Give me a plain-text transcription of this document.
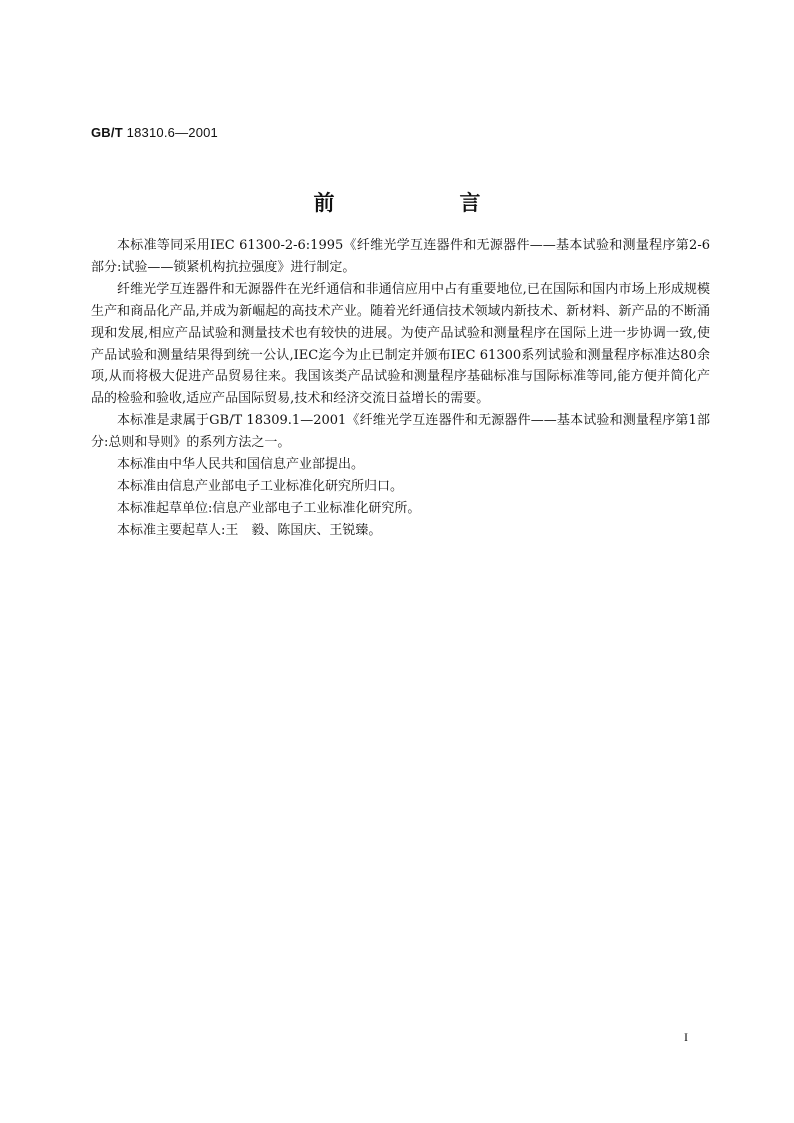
GB/T 18310.6—2001
前　言

本标准等同采用IEC 61300-2-6:1995《纤维光学互连器件和无源器件——基本试验和测量程序第2-6部分:试验——锁紧机构抗拉强度》进行制定。

纤维光学互连器件和无源器件在光纤通信和非通信应用中占有重要地位,已在国际和国内市场上形成规模生产和商品化产品,并成为新崛起的高技术产业。随着光纤通信技术领域内新技术、新材料、新产品的不断涌现和发展,相应产品试验和测量技术也有较快的进展。为使产品试验和测量程序在国际上进一步协调一致,使产品试验和测量结果得到统一公认,IEC迄今为止已制定并颁布IEC 61300系列试验和测量程序标准达80余项,从而将极大促进产品贸易往来。我国该类产品试验和测量程序基础标准与国际标准等同,能方便并简化产品的检验和验收,适应产品国际贸易,技术和经济交流日益增长的需要。

本标准是隶属于GB/T 18309.1—2001《纤维光学互连器件和无源器件——基本试验和测量程序第1部分:总则和导则》的系列方法之一。

本标准由中华人民共和国信息产业部提出。

本标准由信息产业部电子工业标准化研究所归口。

本标准起草单位:信息产业部电子工业标准化研究所。

本标准主要起草人:王　毅、陈国庆、王锐臻。

I
